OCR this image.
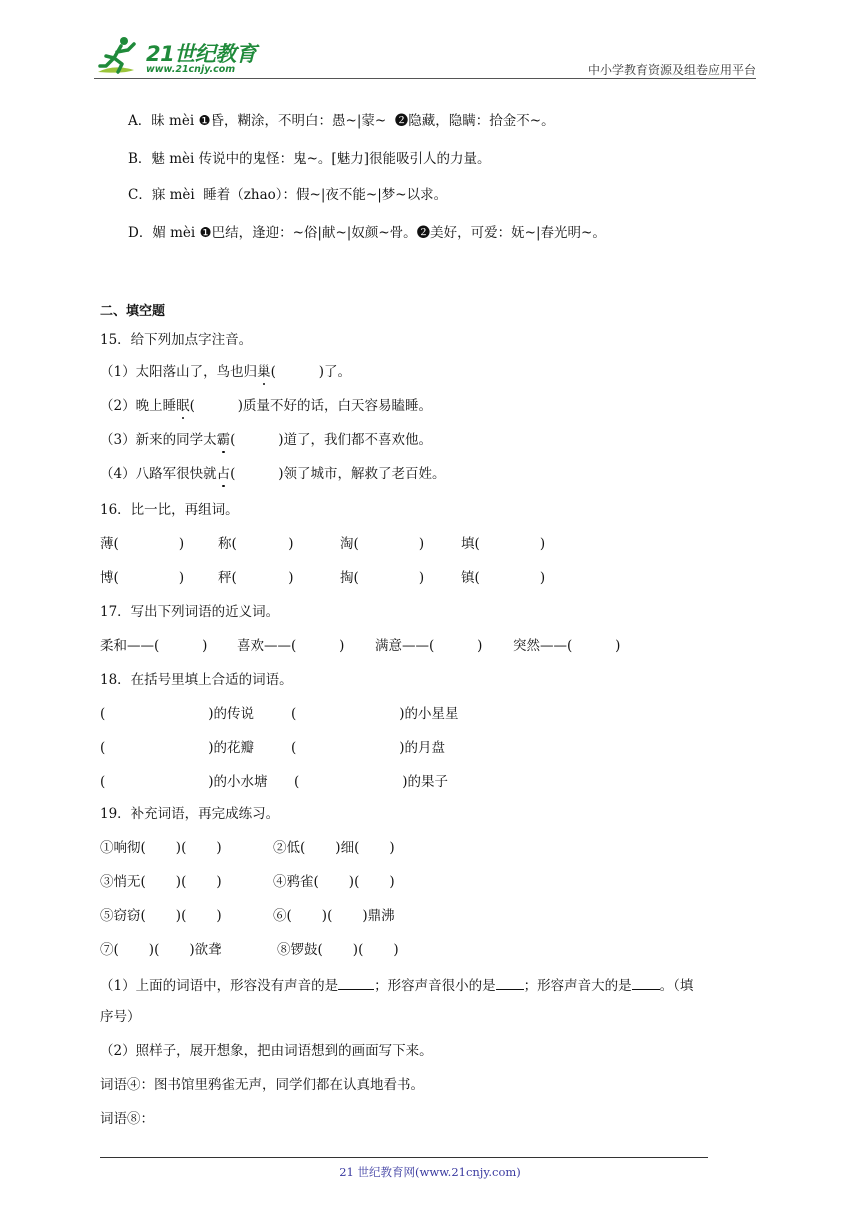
21世纪教育
www.21cnjy.com	中小学教育资源及组卷应用平台
A．昧 mèi ❶昏，糊涂，不明白：愚~|蒙~  ❷隐藏，隐瞒：拾金不~。
B．魅 mèi 传说中的鬼怪：鬼~。[魅力]很能吸引人的力量。
C．寐 mèi  睡着（zhao）：假~|夜不能~|梦~以求。
D．媚 mèi ❶巴结，逢迎：~俗|献~|奴颜~骨。❷美好，可爱：妩~|春光明~。
二、填空题
15．给下列加点字注音。
（1）太阳落山了，鸟也归巢(          )了。
（2）晚上睡眠(          )质量不好的话，白天容易瞌睡。
（3）新来的同学太霸(          )道了，我们都不喜欢他。
（4）八路军很快就占(          )领了城市，解救了老百姓。
16．比一比，再组词。
薄(              )	称(            )	淘(              )	填(              )
博(              )	秤(            )	掏(              )	镇(              )
17．写出下列词语的近义词。
柔和——(          ) 喜欢——(          ) 满意——(          ) 突然——(          )
18．在括号里填上合适的词语。
(                        )的传说	(                        )的小星星
(                        )的花瓣	(                        )的月盘
(                        )的小水塘 (                        )的果子
19．补充词语，再完成练习。
①响彻(       )(       )	②低(       )细(       )
③悄无(       )(       )	④鸦雀(       )(       )
⑤窃窃(       )(       )	⑥(       )(       )鼎沸
⑦(       )(       )欲聋	⑧锣鼓(       )(       )
（1）上面的词语中，形容没有声音的是	；形容声音很小的是 ；形容声音大的是 。（填
序号）
（2）照样子，展开想象，把由词语想到的画面写下来。
词语④：图书馆里鸦雀无声，同学们都在认真地看书。
词语⑧：
21 世纪教育网(www.21cnjy.com)
